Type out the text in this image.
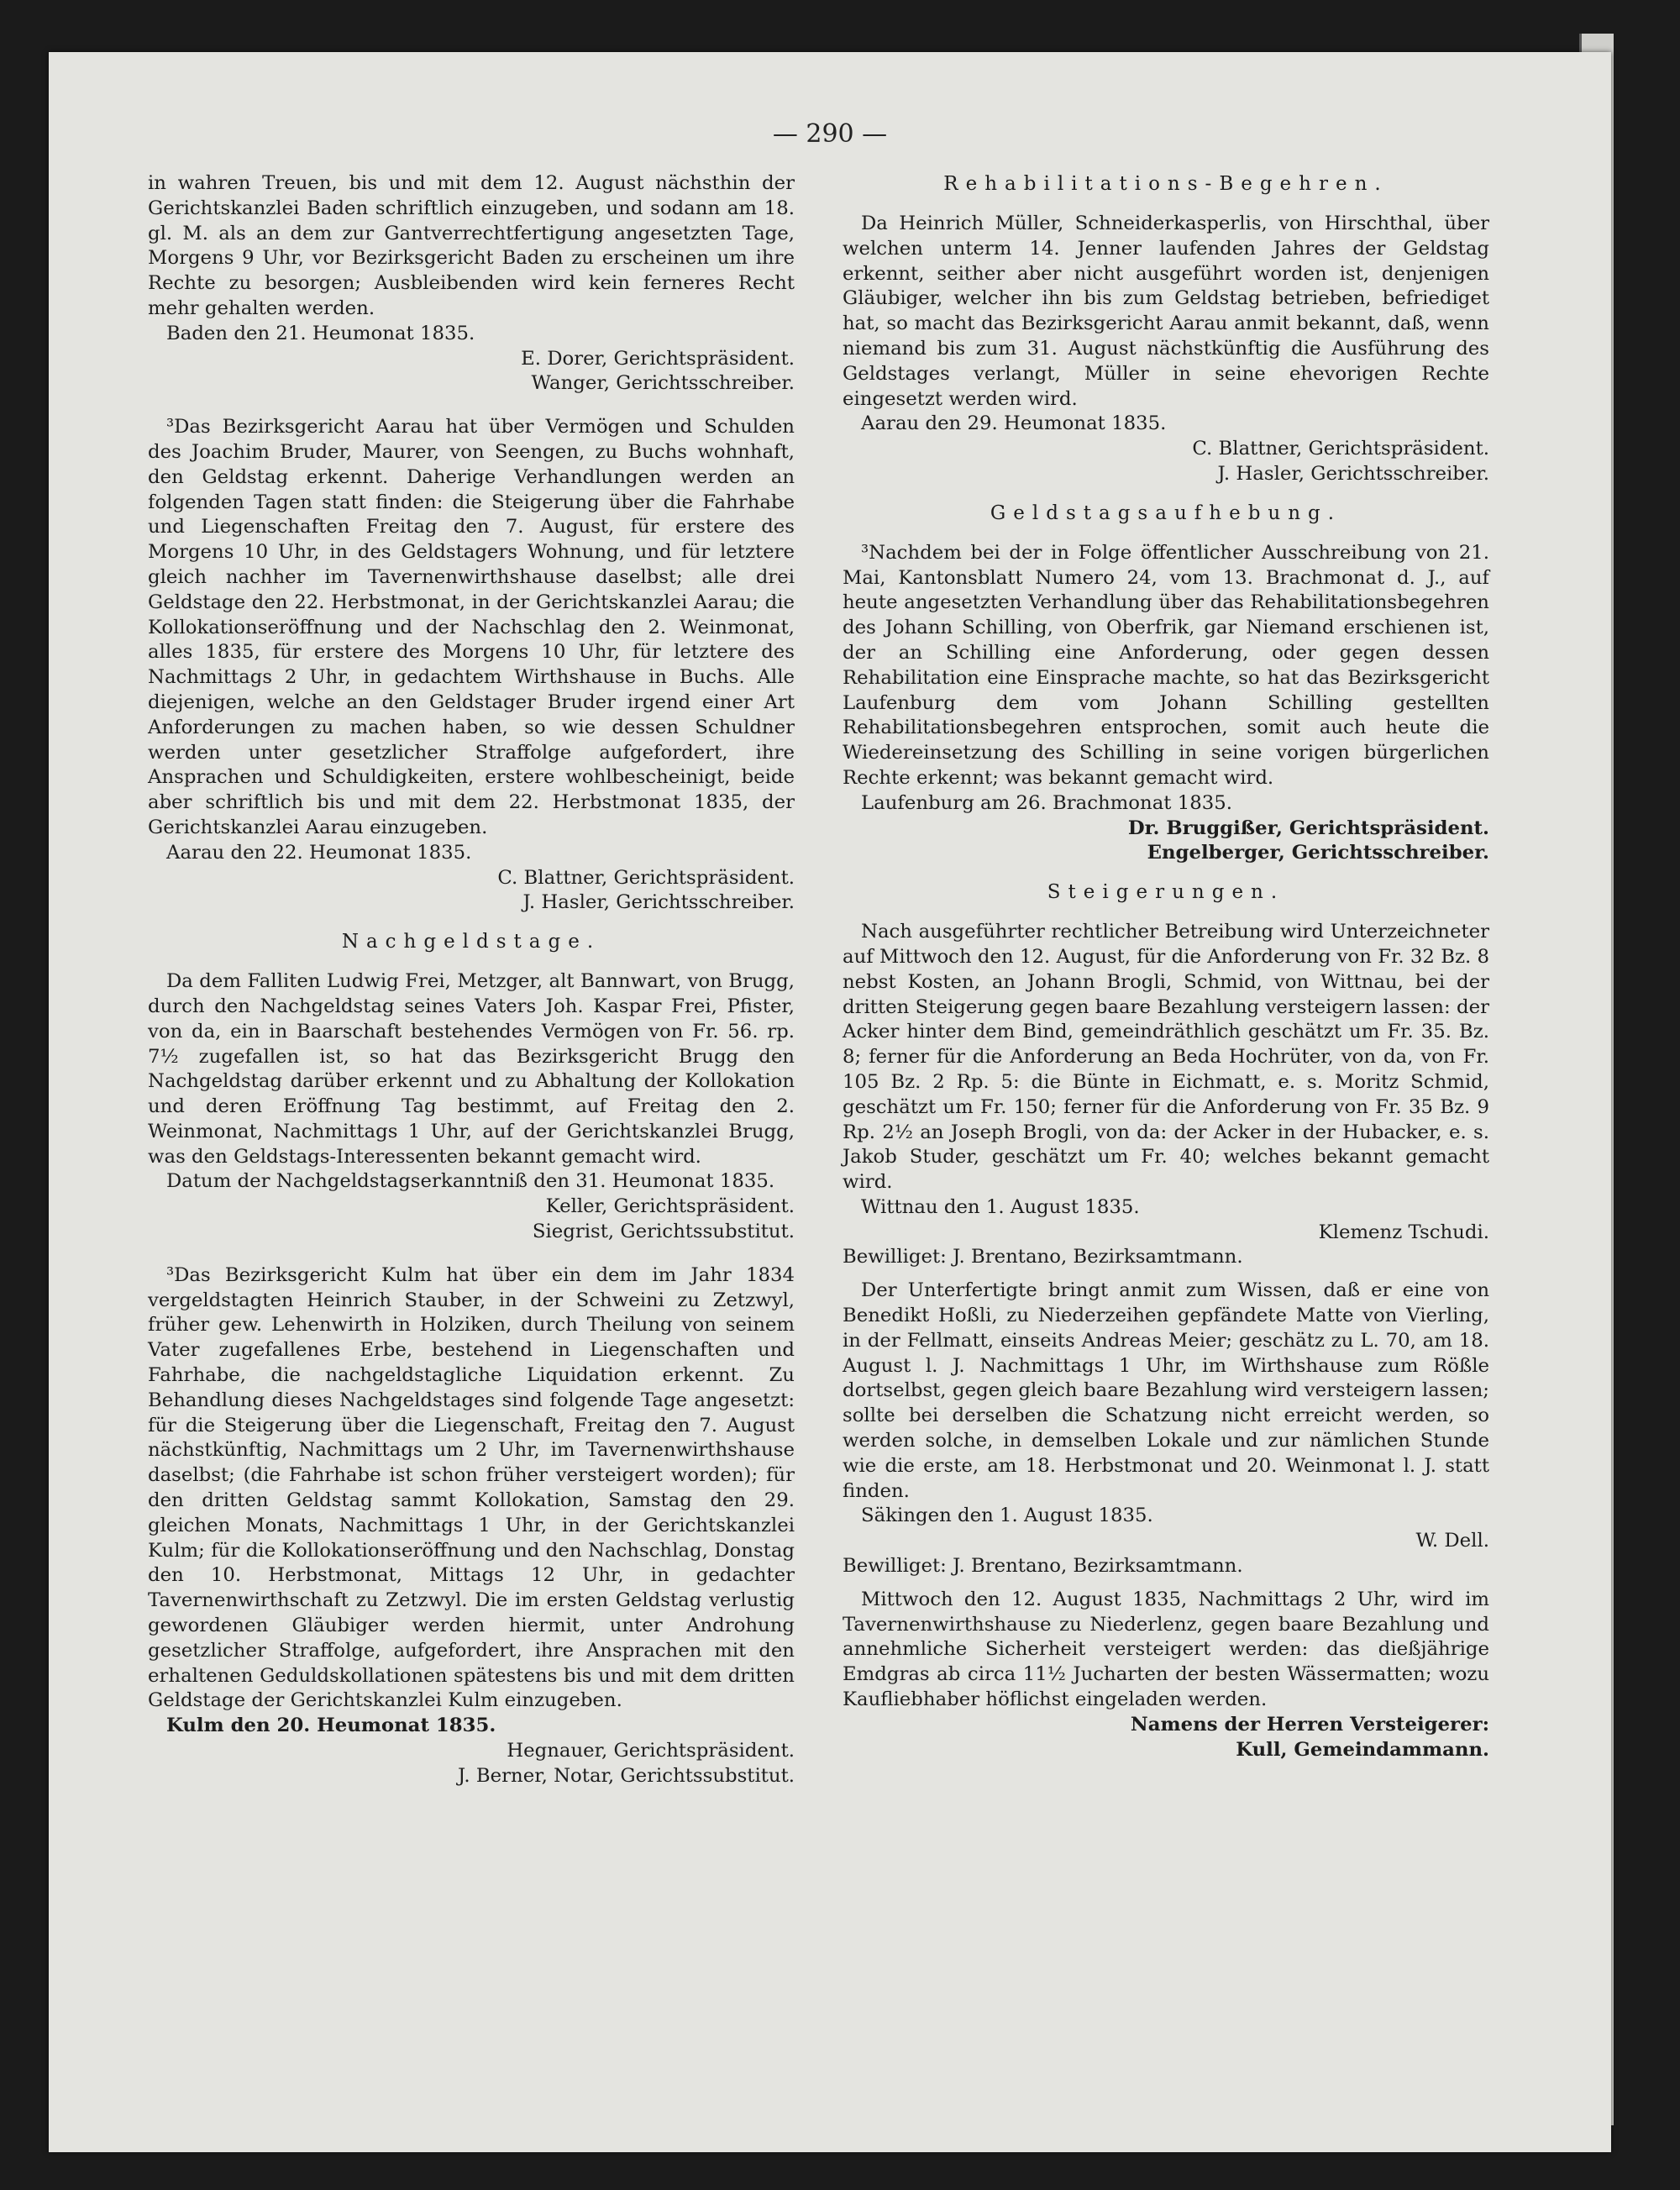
— 290 —

in wahren Treuen, bis und mit dem 12. August nächsthin der Gerichtskanzlei Baden schriftlich einzugeben, und sodann am 18. gl. M. als an dem zur Gantverrechtfertigung angesetzten Tage, Morgens 9 Uhr, vor Bezirksgericht Baden zu erscheinen um ihre Rechte zu besorgen; Ausbleibenden wird kein ferneres Recht mehr gehalten werden.

Baden den 21. Heumonat 1835.
E. Dorer, Gerichtspräsident.
Wanger, Gerichtsschreiber.

³Das Bezirksgericht Aarau hat über Vermögen und Schulden des Joachim Bruder, Maurer, von Seengen, zu Buchs wohnhaft, den Geldstag erkennt. Daherige Verhandlungen werden an folgenden Tagen statt finden: die Steigerung über die Fahrhabe und Liegenschaften Freitag den 7. August, für erstere des Morgens 10 Uhr, in des Geldstagers Wohnung, und für letztere gleich nachher im Tavernenwirthshause daselbst; alle drei Geldstage den 22. Herbstmonat, in der Gerichtskanzlei Aarau; die Kollokationseröffnung und der Nachschlag den 2. Weinmonat, alles 1835, für erstere des Morgens 10 Uhr, für letztere des Nachmittags 2 Uhr, in gedachtem Wirthshause in Buchs. Alle diejenigen, welche an den Geldstager Bruder irgend einer Art Anforderungen zu machen haben, so wie dessen Schuldner werden unter gesetzlicher Straffolge aufgefordert, ihre Ansprachen und Schuldigkeiten, erstere wohlbescheinigt, beide aber schriftlich bis und mit dem 22. Herbstmonat 1835, der Gerichtskanzlei Aarau einzugeben.

Aarau den 22. Heumonat 1835.
C. Blattner, Gerichtspräsident.
J. Hasler, Gerichtsschreiber.
Nachgeldstage.

Da dem Falliten Ludwig Frei, Metzger, alt Bannwart, von Brugg, durch den Nachgeldstag seines Vaters Joh. Kaspar Frei, Pfister, von da, ein in Baarschaft bestehendes Vermögen von Fr. 56. rp. 7½ zugefallen ist, so hat das Bezirksgericht Brugg den Nachgeldstag darüber erkennt und zu Abhaltung der Kollokation und deren Eröffnung Tag bestimmt, auf Freitag den 2. Weinmonat, Nachmittags 1 Uhr, auf der Gerichtskanzlei Brugg, was den Geldstags-Interessenten bekannt gemacht wird.

Datum der Nachgeldstagserkanntniß den 31. Heumonat 1835.
Keller, Gerichtspräsident.
Siegrist, Gerichtssubstitut.

³Das Bezirksgericht Kulm hat über ein dem im Jahr 1834 vergeldstagten Heinrich Stauber, in der Schweini zu Zetzwyl, früher gew. Lehenwirth in Holziken, durch Theilung von seinem Vater zugefallenes Erbe, bestehend in Liegenschaften und Fahrhabe, die nachgeldstagliche Liquidation erkennt. Zu Behandlung dieses Nachgeldstages sind folgende Tage angesetzt: für die Steigerung über die Liegenschaft, Freitag den 7. August nächstkünftig, Nachmittags um 2 Uhr, im Tavernenwirthshause daselbst; (die Fahrhabe ist schon früher versteigert worden); für den dritten Geldstag sammt Kollokation, Samstag den 29. gleichen Monats, Nachmittags 1 Uhr, in der Gerichtskanzlei Kulm; für die Kollokationseröffnung und den Nachschlag, Donstag den 10. Herbstmonat, Mittags 12 Uhr, in gedachter Tavernenwirthschaft zu Zetzwyl. Die im ersten Geldstag verlustig gewordenen Gläubiger werden hiermit, unter Androhung gesetzlicher Straffolge, aufgefordert, ihre Ansprachen mit den erhaltenen Geduldskollationen spätestens bis und mit dem dritten Geldstage der Gerichtskanzlei Kulm einzugeben.

Kulm den 20. Heumonat 1835.
Hegnauer, Gerichtspräsident.
J. Berner, Notar, Gerichtssubstitut.
Rehabilitations-Begehren.

Da Heinrich Müller, Schneiderkasperlis, von Hirschthal, über welchen unterm 14. Jenner laufenden Jahres der Geldstag erkennt, seither aber nicht ausgeführt worden ist, denjenigen Gläubiger, welcher ihn bis zum Geldstag betrieben, befriediget hat, so macht das Bezirksgericht Aarau anmit bekannt, daß, wenn niemand bis zum 31. August nächstkünftig die Ausführung des Geldstages verlangt, Müller in seine ehevorigen Rechte eingesetzt werden wird.

Aarau den 29. Heumonat 1835.
C. Blattner, Gerichtspräsident.
J. Hasler, Gerichtsschreiber.
Geldstagsaufhebung.

³Nachdem bei der in Folge öffentlicher Ausschreibung von 21. Mai, Kantonsblatt Numero 24, vom 13. Brachmonat d. J., auf heute angesetzten Verhandlung über das Rehabilitationsbegehren des Johann Schilling, von Oberfrik, gar Niemand erschienen ist, der an Schilling eine Anforderung, oder gegen dessen Rehabilitation eine Einsprache machte, so hat das Bezirksgericht Laufenburg dem vom Johann Schilling gestellten Rehabilitationsbegehren entsprochen, somit auch heute die Wiedereinsetzung des Schilling in seine vorigen bürgerlichen Rechte erkennt; was bekannt gemacht wird.

Laufenburg am 26. Brachmonat 1835.
Dr. Bruggißer, Gerichtspräsident.
Engelberger, Gerichtsschreiber.
Steigerungen.

Nach ausgeführter rechtlicher Betreibung wird Unterzeichneter auf Mittwoch den 12. August, für die Anforderung von Fr. 32 Bz. 8 nebst Kosten, an Johann Brogli, Schmid, von Wittnau, bei der dritten Steigerung gegen baare Bezahlung versteigern lassen: der Acker hinter dem Bind, gemeindräthlich geschätzt um Fr. 35. Bz. 8; ferner für die Anforderung an Beda Hochrüter, von da, von Fr. 105 Bz. 2 Rp. 5: die Bünte in Eichmatt, e. s. Moritz Schmid, geschätzt um Fr. 150; ferner für die Anforderung von Fr. 35 Bz. 9 Rp. 2½ an Joseph Brogli, von da: der Acker in der Hubacker, e. s. Jakob Studer, geschätzt um Fr. 40; welches bekannt gemacht wird.

Wittnau den 1. August 1835.
Klemenz Tschudi.

Bewilliget: J. Brentano, Bezirksamtmann.

Der Unterfertigte bringt anmit zum Wissen, daß er eine von Benedikt Hoßli, zu Niederzeihen gepfändete Matte von Vierling, in der Fellmatt, einseits Andreas Meier; geschätz zu L. 70, am 18. August l. J. Nachmittags 1 Uhr, im Wirthshause zum Rößle dortselbst, gegen gleich baare Bezahlung wird versteigern lassen; sollte bei derselben die Schatzung nicht erreicht werden, so werden solche, in demselben Lokale und zur nämlichen Stunde wie die erste, am 18. Herbstmonat und 20. Weinmonat l. J. statt finden.

Säkingen den 1. August 1835.
W. Dell.

Bewilliget: J. Brentano, Bezirksamtmann.

Mittwoch den 12. August 1835, Nachmittags 2 Uhr, wird im Tavernenwirthshause zu Niederlenz, gegen baare Bezahlung und annehmliche Sicherheit versteigert werden: das dießjährige Emdgras ab circa 11½ Jucharten der besten Wässermatten; wozu Kaufliebhaber höflichst eingeladen werden.

Namens der Herren Versteigerer:
Kull, Gemeindammann.
